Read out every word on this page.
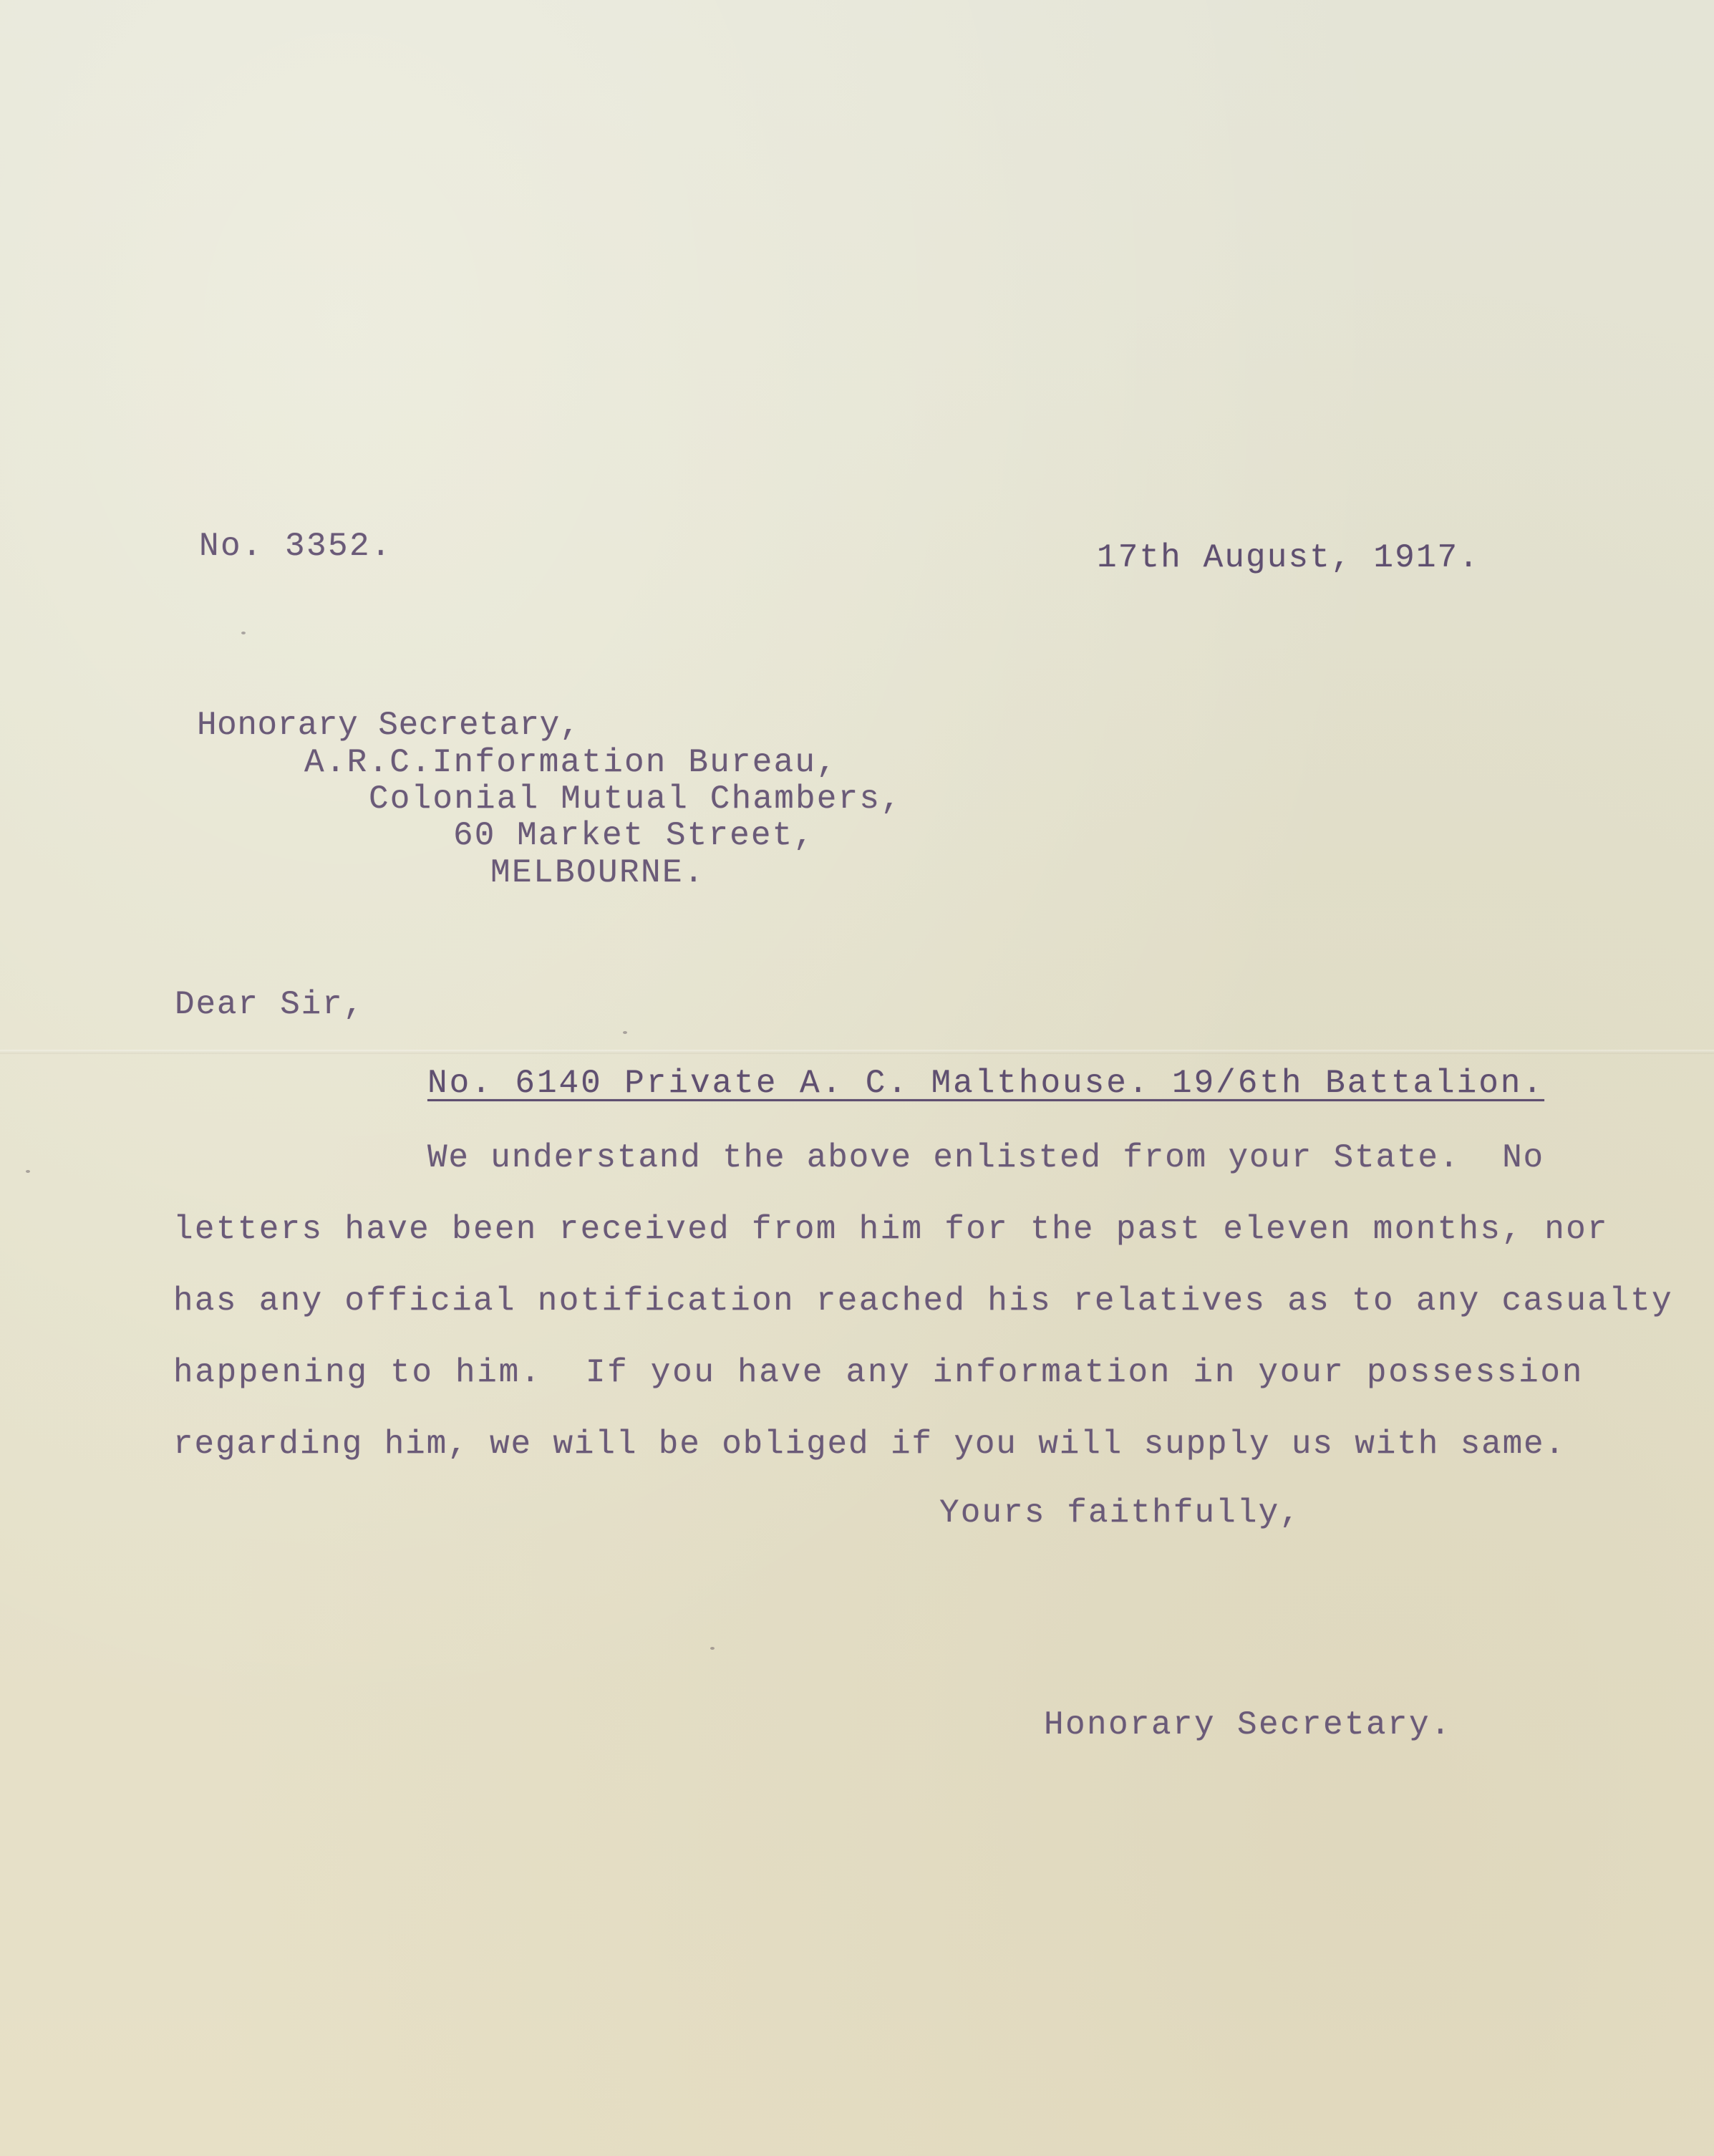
No. 3352.	17th August, 1917.

Honorary Secretary,

A.R.C.Information Bureau,

Colonial Mutual Chambers,

60 Market Street,

MELBOURNE.

Dear Sir,

No. 6140 Private A. C. Malthouse. 19/6th Battalion.

We understand the above enlisted from your State.  No

letters have been received from him for the past eleven months, nor

has any official notification reached his relatives as to any casualty

happening to him.  If you have any information in your possession

regarding him, we will be obliged if you will supply us with same.

Yours faithfully,

Honorary Secretary.
